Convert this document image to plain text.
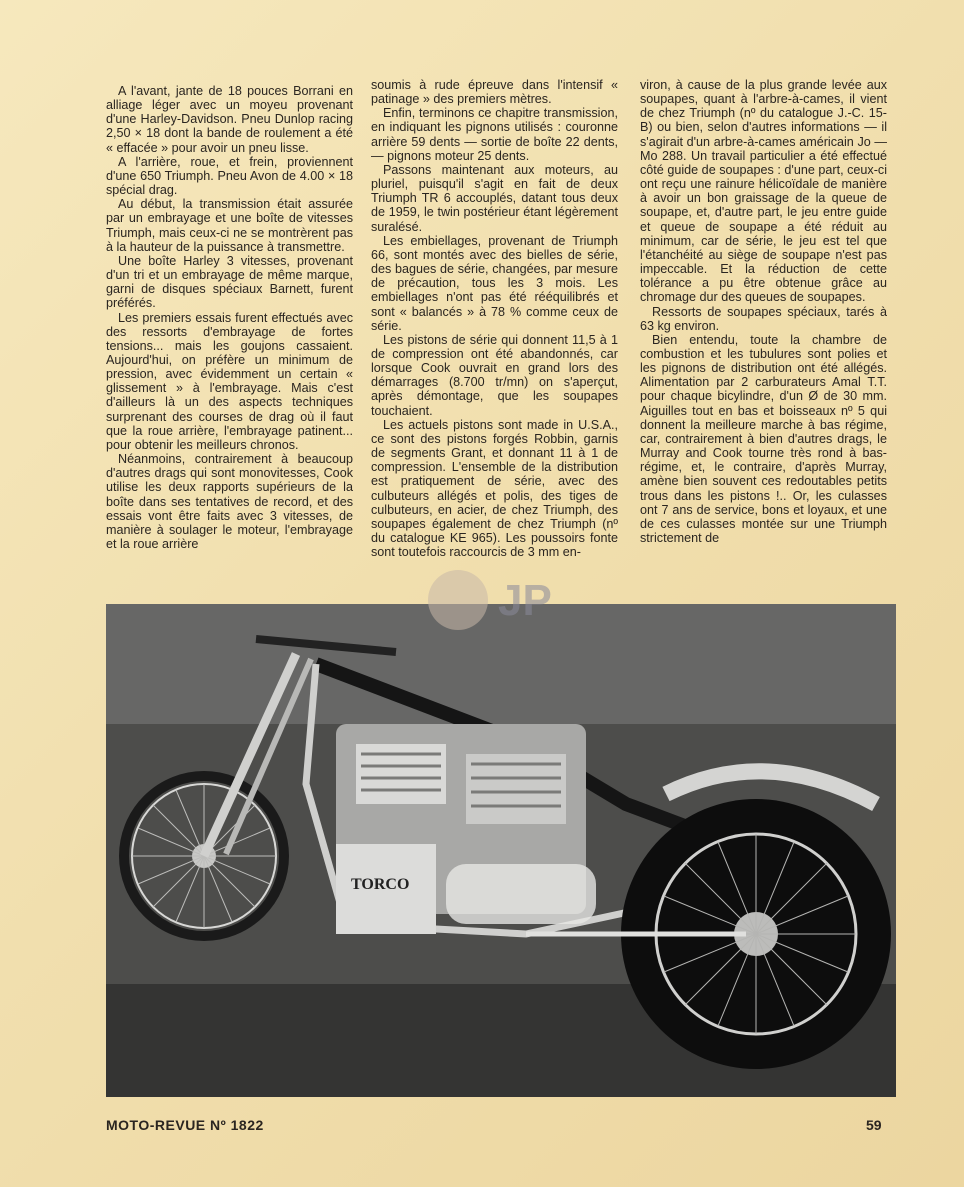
A l'avant, jante de 18 pouces Borrani en alliage léger avec un moyeu provenant d'une Harley-Davidson. Pneu Dunlop racing 2,50 × 18 dont la bande de roulement a été « effacée » pour avoir un pneu lisse.

A l'arrière, roue, et frein, proviennent d'une 650 Triumph. Pneu Avon de 4.00 × 18 spécial drag.

Au début, la transmission était assurée par un embrayage et une boîte de vitesses Triumph, mais ceux-ci ne se montrèrent pas à la hauteur de la puissance à transmettre.

Une boîte Harley 3 vitesses, provenant d'un tri et un embrayage de même marque, garni de disques spéciaux Barnett, furent préférés.

Les premiers essais furent effectués avec des ressorts d'embrayage de fortes tensions... mais les goujons cassaient. Aujourd'hui, on préfère un minimum de pression, avec évidemment un certain « glissement » à l'embrayage. Mais c'est d'ailleurs là un des aspects techniques surprenant des courses de drag où il faut que la roue arrière, l'embrayage patinent... pour obtenir les meilleurs chronos.

Néanmoins, contrairement à beaucoup d'autres drags qui sont monovitesses, Cook utilise les deux rapports supérieurs de la boîte dans ses tentatives de record, et des essais vont être faits avec 3 vitesses, de manière à soulager le moteur, l'embrayage et la roue arrière

soumis à rude épreuve dans l'intensif « patinage » des premiers mètres.

Enfin, terminons ce chapitre transmission, en indiquant les pignons utilisés : couronne arrière 59 dents — sortie de boîte 22 dents, — pignons moteur 25 dents.

Passons maintenant aux moteurs, au pluriel, puisqu'il s'agit en fait de deux Triumph TR 6 accouplés, datant tous deux de 1959, le twin postérieur étant légèrement suralésé.

Les embiellages, provenant de Triumph 66, sont montés avec des bielles de série, des bagues de série, changées, par mesure de précaution, tous les 3 mois. Les embiellages n'ont pas été rééquilibrés et sont « balancés » à 78 % comme ceux de série.

Les pistons de série qui donnent 11,5 à 1 de compression ont été abandonnés, car lorsque Cook ouvrait en grand lors des démarrages (8.700 tr/mn) on s'aperçut, après démontage, que les soupapes touchaient.

Les actuels pistons sont made in U.S.A., ce sont des pistons forgés Robbin, garnis de segments Grant, et donnant 11 à 1 de compression. L'ensemble de la distribution est pratiquement de série, avec des culbuteurs allégés et polis, des tiges de culbuteurs, en acier, de chez Triumph, des soupapes également de chez Triumph (nº du catalogue KE 965). Les poussoirs fonte sont toutefois raccourcis de 3 mm en-

viron, à cause de la plus grande levée aux soupapes, quant à l'arbre-à-cames, il vient de chez Triumph (nº du catalogue J.-C. 15-B) ou bien, selon d'autres informations — il s'agirait d'un arbre-à-cames américain Jo — Mo 288. Un travail particulier a été effectué côté guide de soupapes : d'une part, ceux-ci ont reçu une rainure hélicoïdale de manière à avoir un bon graissage de la queue de soupape, et, d'autre part, le jeu entre guide et queue de soupape a été réduit au minimum, car de série, le jeu est tel que l'étanchéité au siège de soupape n'est pas impeccable. Et la réduction de cette tolérance a pu être obtenue grâce au chromage dur des queues de soupapes.

Ressorts de soupapes spéciaux, tarés à 63 kg environ.

Bien entendu, toute la chambre de combustion et les tubulures sont polies et les pignons de distribution ont été allégés. Alimentation par 2 carburateurs Amal T.T. pour chaque bicylindre, d'un Ø de 30 mm. Aiguilles tout en bas et boisseaux nº 5 qui donnent la meilleure marche à bas régime, car, contrairement à bien d'autres drags, le Murray and Cook tourne très rond à bas-régime, et, le contraire, d'après Murray, amène bien souvent ces redoutables petits trous dans les pistons !.. Or, les culasses ont 7 ans de service, bons et loyaux, et une de ces culasses montée sur une Triumph strictement de

TORCO
JP
MOTO-REVUE Nº 1822	59
